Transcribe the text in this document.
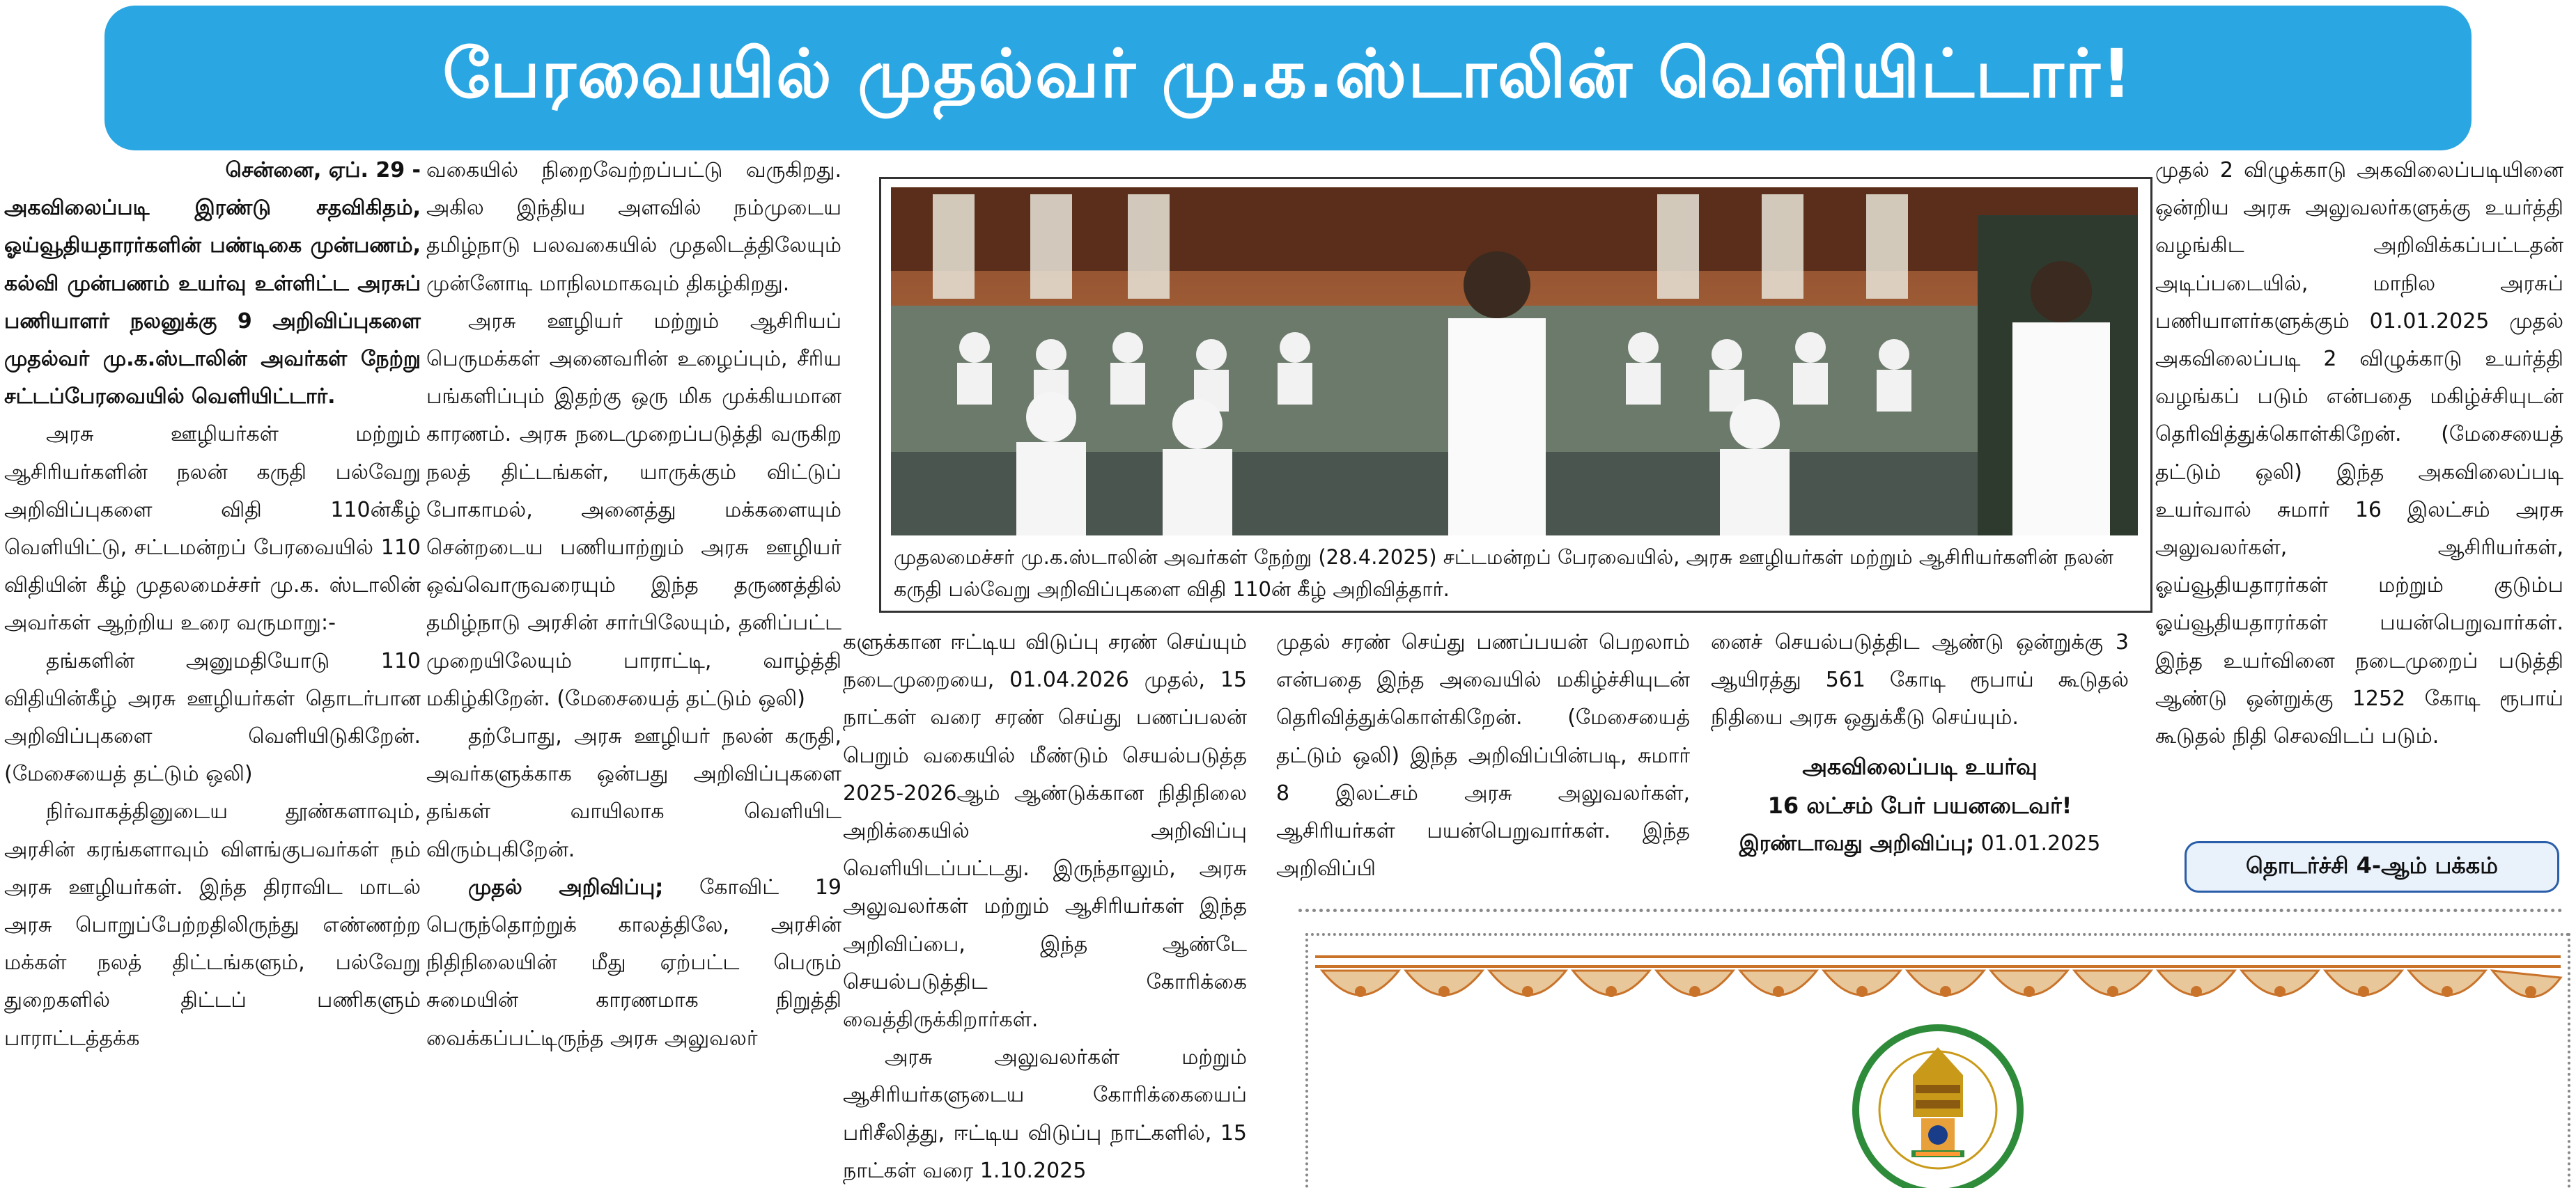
பேரவையில் முதல்வர் மு.க.ஸ்டாலின் வெளியிட்டார்!

சென்னை, ஏப். 29 -

அகவிலைப்படி இரண்டு சதவிகிதம், ஓய்வூதியதாரர்களின் பண்டிகை முன்பணம், கல்வி முன்பணம் உயர்வு உள்ளிட்ட அரசுப் பணியாளர் நலனுக்கு 9 அறிவிப்புகளை முதல்வர் மு.க.ஸ்டாலின் அவர்கள் நேற்று சட்டப்பேரவையில் வெளியிட்டார்.

அரசு ஊழியர்கள் மற்றும் ஆசிரியர்களின் நலன் கருதி பல்வேறு அறிவிப்புகளை விதி 110ன்கீழ் வெளியிட்டு, சட்டமன்றப் பேரவையில் 110 விதியின் கீழ் முதலமைச்சர் மு.க. ஸ்டாலின் அவர்கள் ஆற்றிய உரை வருமாறு:-

தங்களின் அனுமதியோடு 110 விதியின்கீழ் அரசு ஊழியர்கள் தொடர்பான அறிவிப்புகளை வெளியிடுகிறேன். (மேசையைத் தட்டும் ஒலி)

நிர்வாகத்தினுடைய தூண்களாவும், அரசின் கரங்களாவும் விளங்குபவர்கள் நம் அரசு ஊழியர்கள். இந்த திராவிட மாடல் அரசு பொறுப்பேற்றதிலிருந்து எண்ணற்ற மக்கள் நலத் திட்டங்களும், பல்வேறு துறைகளில் திட்டப் பணிகளும் பாராட்டத்தக்க

வகையில் நிறைவேற்றப்பட்டு வருகிறது. அகில இந்திய அளவில் நம்முடைய தமிழ்நாடு பலவகையில் முதலிடத்திலேயும் முன்னோடி மாநிலமாகவும் திகழ்கிறது.

அரசு ஊழியர் மற்றும் ஆசிரியப் பெருமக்கள் அனைவரின் உழைப்பும், சீரிய பங்களிப்பும் இதற்கு ஒரு மிக முக்கியமான காரணம். அரசு நடைமுறைப்படுத்தி வருகிற நலத் திட்டங்கள், யாருக்கும் விட்டுப் போகாமல், அனைத்து மக்களையும் சென்றடைய பணியாற்றும் அரசு ஊழியர் ஒவ்வொருவரையும் இந்த தருணத்தில் தமிழ்நாடு அரசின் சார்பிலேயும், தனிப்பட்ட முறையிலேயும் பாராட்டி, வாழ்த்தி மகிழ்கிறேன். (மேசையைத் தட்டும் ஒலி)

தற்போது, அரசு ஊழியர் நலன் கருதி, அவர்களுக்காக ஒன்பது அறிவிப்புகளை தங்கள் வாயிலாக வெளியிட விரும்புகிறேன்.

முதல் அறிவிப்பு; கோவிட் 19 பெருந்தொற்றுக் காலத்திலே, அரசின் நிதிநிலையின் மீது ஏற்பட்ட பெரும் சுமையின் காரணமாக நிறுத்தி வைக்கப்பட்டிருந்த அரசு அலுவலர்

முதலமைச்சர் மு.க.ஸ்டாலின் அவர்கள் நேற்று (28.4.2025) சட்டமன்றப் பேரவையில், அரசு ஊழியர்கள் மற்றும் ஆசிரியர்களின் நலன் கருதி பல்வேறு அறிவிப்புகளை விதி 110ன் கீழ் அறிவித்தார்.

களுக்கான ஈட்டிய விடுப்பு சரண் செய்யும் நடைமுறையை, 01.04.2026 முதல், 15 நாட்கள் வரை சரண் செய்து பணப்பலன் பெறும் வகையில் மீண்டும் செயல்படுத்த 2025-2026ஆம் ஆண்டுக்கான நிதிநிலை அறிக்கையில் அறிவிப்பு வெளியிடப்பட்டது. இருந்தாலும், அரசு அலுவலர்கள் மற்றும் ஆசிரியர்கள் இந்த அறிவிப்பை, இந்த ஆண்டே செயல்படுத்திட கோரிக்கை வைத்திருக்கிறார்கள்.

அரசு அலுவலர்கள் மற்றும் ஆசிரியர்களுடைய கோரிக்கையைப் பரிசீலித்து, ஈட்டிய விடுப்பு நாட்களில், 15 நாட்கள் வரை 1.10.2025

முதல் சரண் செய்து பணப்பயன் பெறலாம் என்பதை இந்த அவையில் மகிழ்ச்சியுடன் தெரிவித்துக்கொள்கிறேன். (மேசையைத் தட்டும் ஒலி) இந்த அறிவிப்பின்படி, சுமார் 8 இலட்சம் அரசு அலுவலர்கள், ஆசிரியர்கள் பயன்பெறுவார்கள். இந்த அறிவிப்பி

னைச் செயல்படுத்திட ஆண்டு ஒன்றுக்கு 3 ஆயிரத்து 561 கோடி ரூபாய் கூடுதல் நிதியை அரசு ஒதுக்கீடு செய்யும்.

அகவிலைப்படி உயர்வு
16 லட்சம் பேர் பயனடைவர்!

இரண்டாவது அறிவிப்பு; 01.01.2025

முதல் 2 விழுக்காடு அகவிலைப்படியினை ஒன்றிய அரசு அலுவலர்களுக்கு உயர்த்தி வழங்கிட அறிவிக்கப்பட்டதன் அடிப்படையில், மாநில அரசுப் பணியாளர்களுக்கும் 01.01.2025 முதல் அகவிலைப்படி 2 விழுக்காடு உயர்த்தி வழங்கப் படும் என்பதை மகிழ்ச்சியுடன் தெரிவித்துக்கொள்கிறேன். (மேசையைத் தட்டும் ஒலி) இந்த அகவிலைப்படி உயர்வால் சுமார் 16 இலட்சம் அரசு அலுவலர்கள், ஆசிரியர்கள், ஓய்வூதியதாரர்கள் மற்றும் குடும்ப ஓய்வூதியதாரர்கள் பயன்பெறுவார்கள். இந்த உயர்வினை நடைமுறைப் படுத்தி ஆண்டு ஒன்றுக்கு 1252 கோடி ரூபாய் கூடுதல் நிதி செலவிடப் படும்.

தொடர்ச்சி 4-ஆம் பக்கம்
